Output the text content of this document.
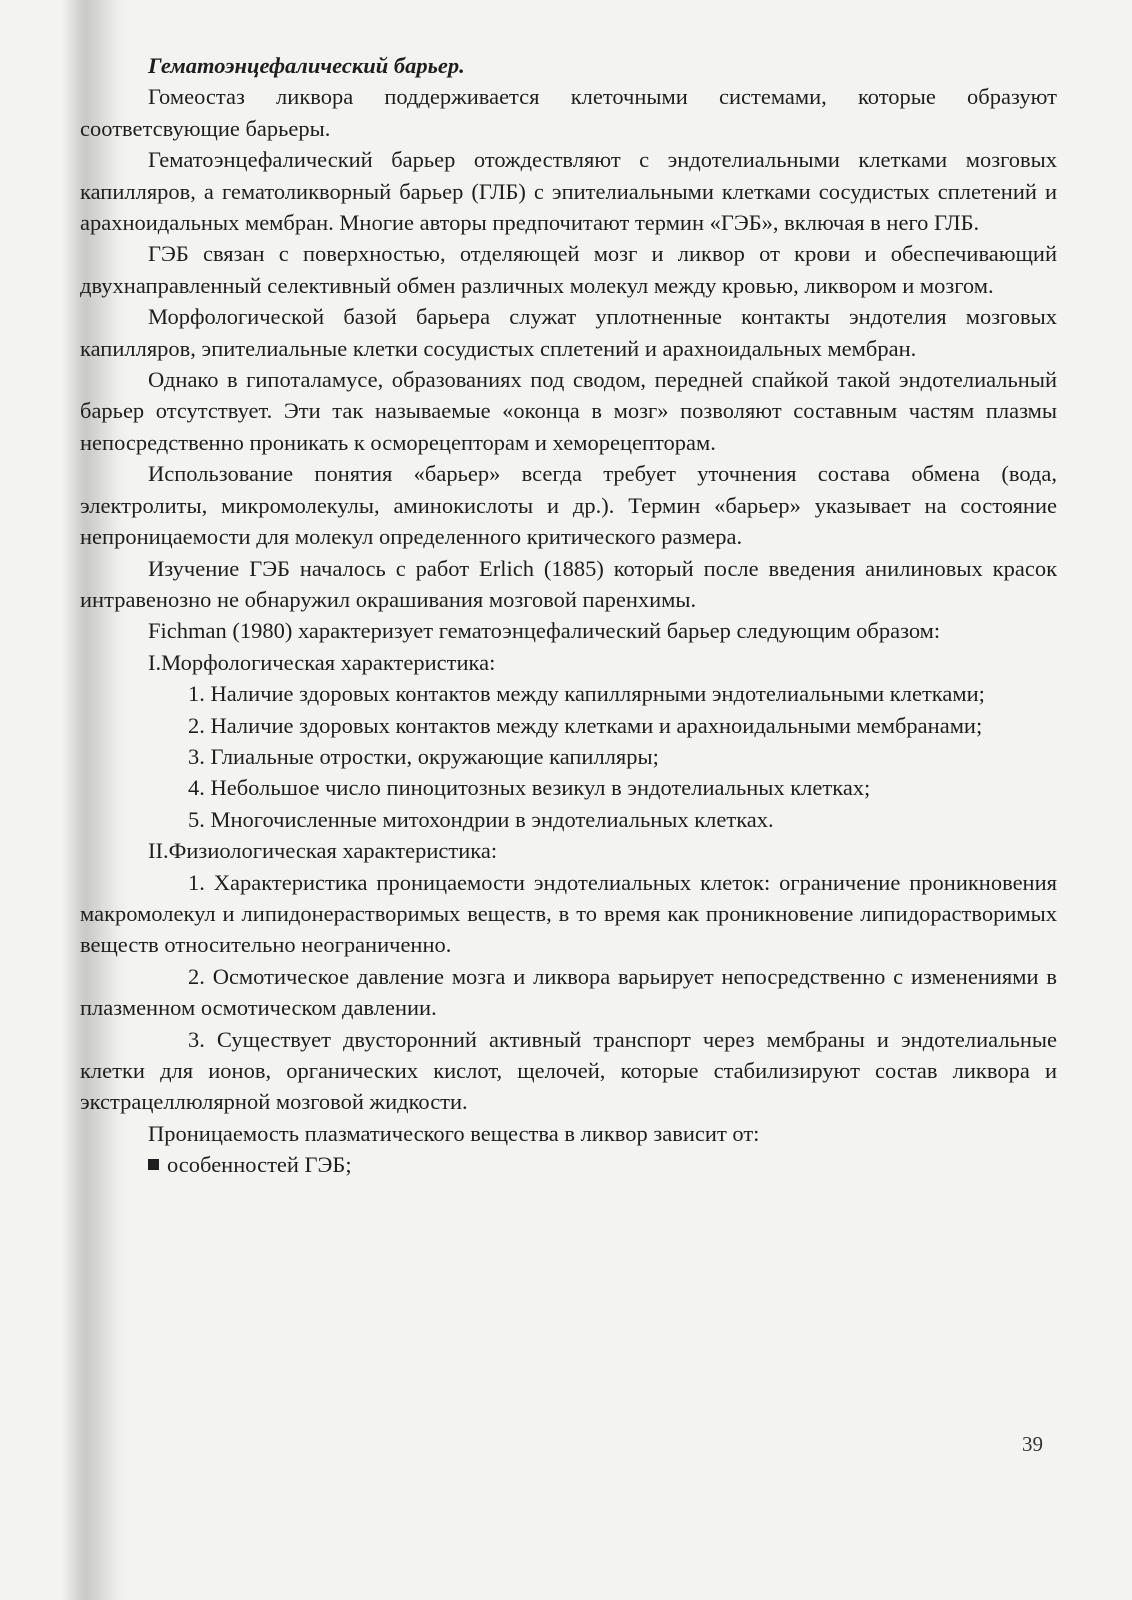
Гематоэнцефалический барьер.

Гомеостаз ликвора поддерживается клеточными системами, которые образуют соответсвующие барьеры.

Гематоэнцефалический барьер отождествляют с эндотелиальными клетками мозговых капилляров, а гематоликворный барьер (ГЛБ) с эпителиальными клетками сосудистых сплетений и арахноидальных мембран. Многие авторы предпочитают термин «ГЭБ», включая в него ГЛБ.

ГЭБ связан с поверхностью, отделяющей мозг и ликвор от крови и обеспечивающий двухнаправленный селективный обмен различных молекул между кровью, ликвором и мозгом.

Морфологической базой барьера служат уплотненные контакты эндотелия мозговых капилляров, эпителиальные клетки сосудистых сплетений и арахноидальных мембран.

Однако в гипоталамусе, образованиях под сводом, передней спайкой такой эндотелиальный барьер отсутствует. Эти так называемые «оконца в мозг» позволяют составным частям плазмы непосредственно проникать к осморецепторам и хеморецепторам.

Использование понятия «барьер» всегда требует уточнения состава обмена (вода, электролиты, микромолекулы, аминокислоты и др.). Термин «барьер» указывает на состояние непроницаемости для молекул определенного критического размера.

Изучение ГЭБ началось с работ Erlich (1885) который после введения анилиновых красок интравенозно не обнаружил окрашивания мозговой паренхимы.

Fichman (1980) характеризует гематоэнцефалический барьер следующим образом:

I.Морфологическая характеристика:

1. Наличие здоровых контактов между капиллярными эндотелиальными клетками;

2. Наличие здоровых контактов между клетками и арахноидальными мембранами;

3. Глиальные отростки, окружающие капилляры;

4. Небольшое число пиноцитозных везикул в эндотелиальных клетках;

5. Многочисленные митохондрии в эндотелиальных клетках.

II.Физиологическая характеристика:

1. Характеристика проницаемости эндотелиальных клеток: ограничение проникновения макромолекул и липидонерастворимых веществ, в то время как проникновение липидорастворимых веществ относительно неограниченно.

2. Осмотическое давление мозга и ликвора варьирует непосредственно с изменениями в плазменном осмотическом давлении.

3. Существует двусторонний активный транспорт через мембраны и эндотелиальные клетки для ионов, органических кислот, щелочей, которые стабилизируют состав ликвора и экстрацеллюлярной мозговой жидкости.

Проницаемость плазматического вещества в ликвор зависит от:

особенностей ГЭБ;

39
